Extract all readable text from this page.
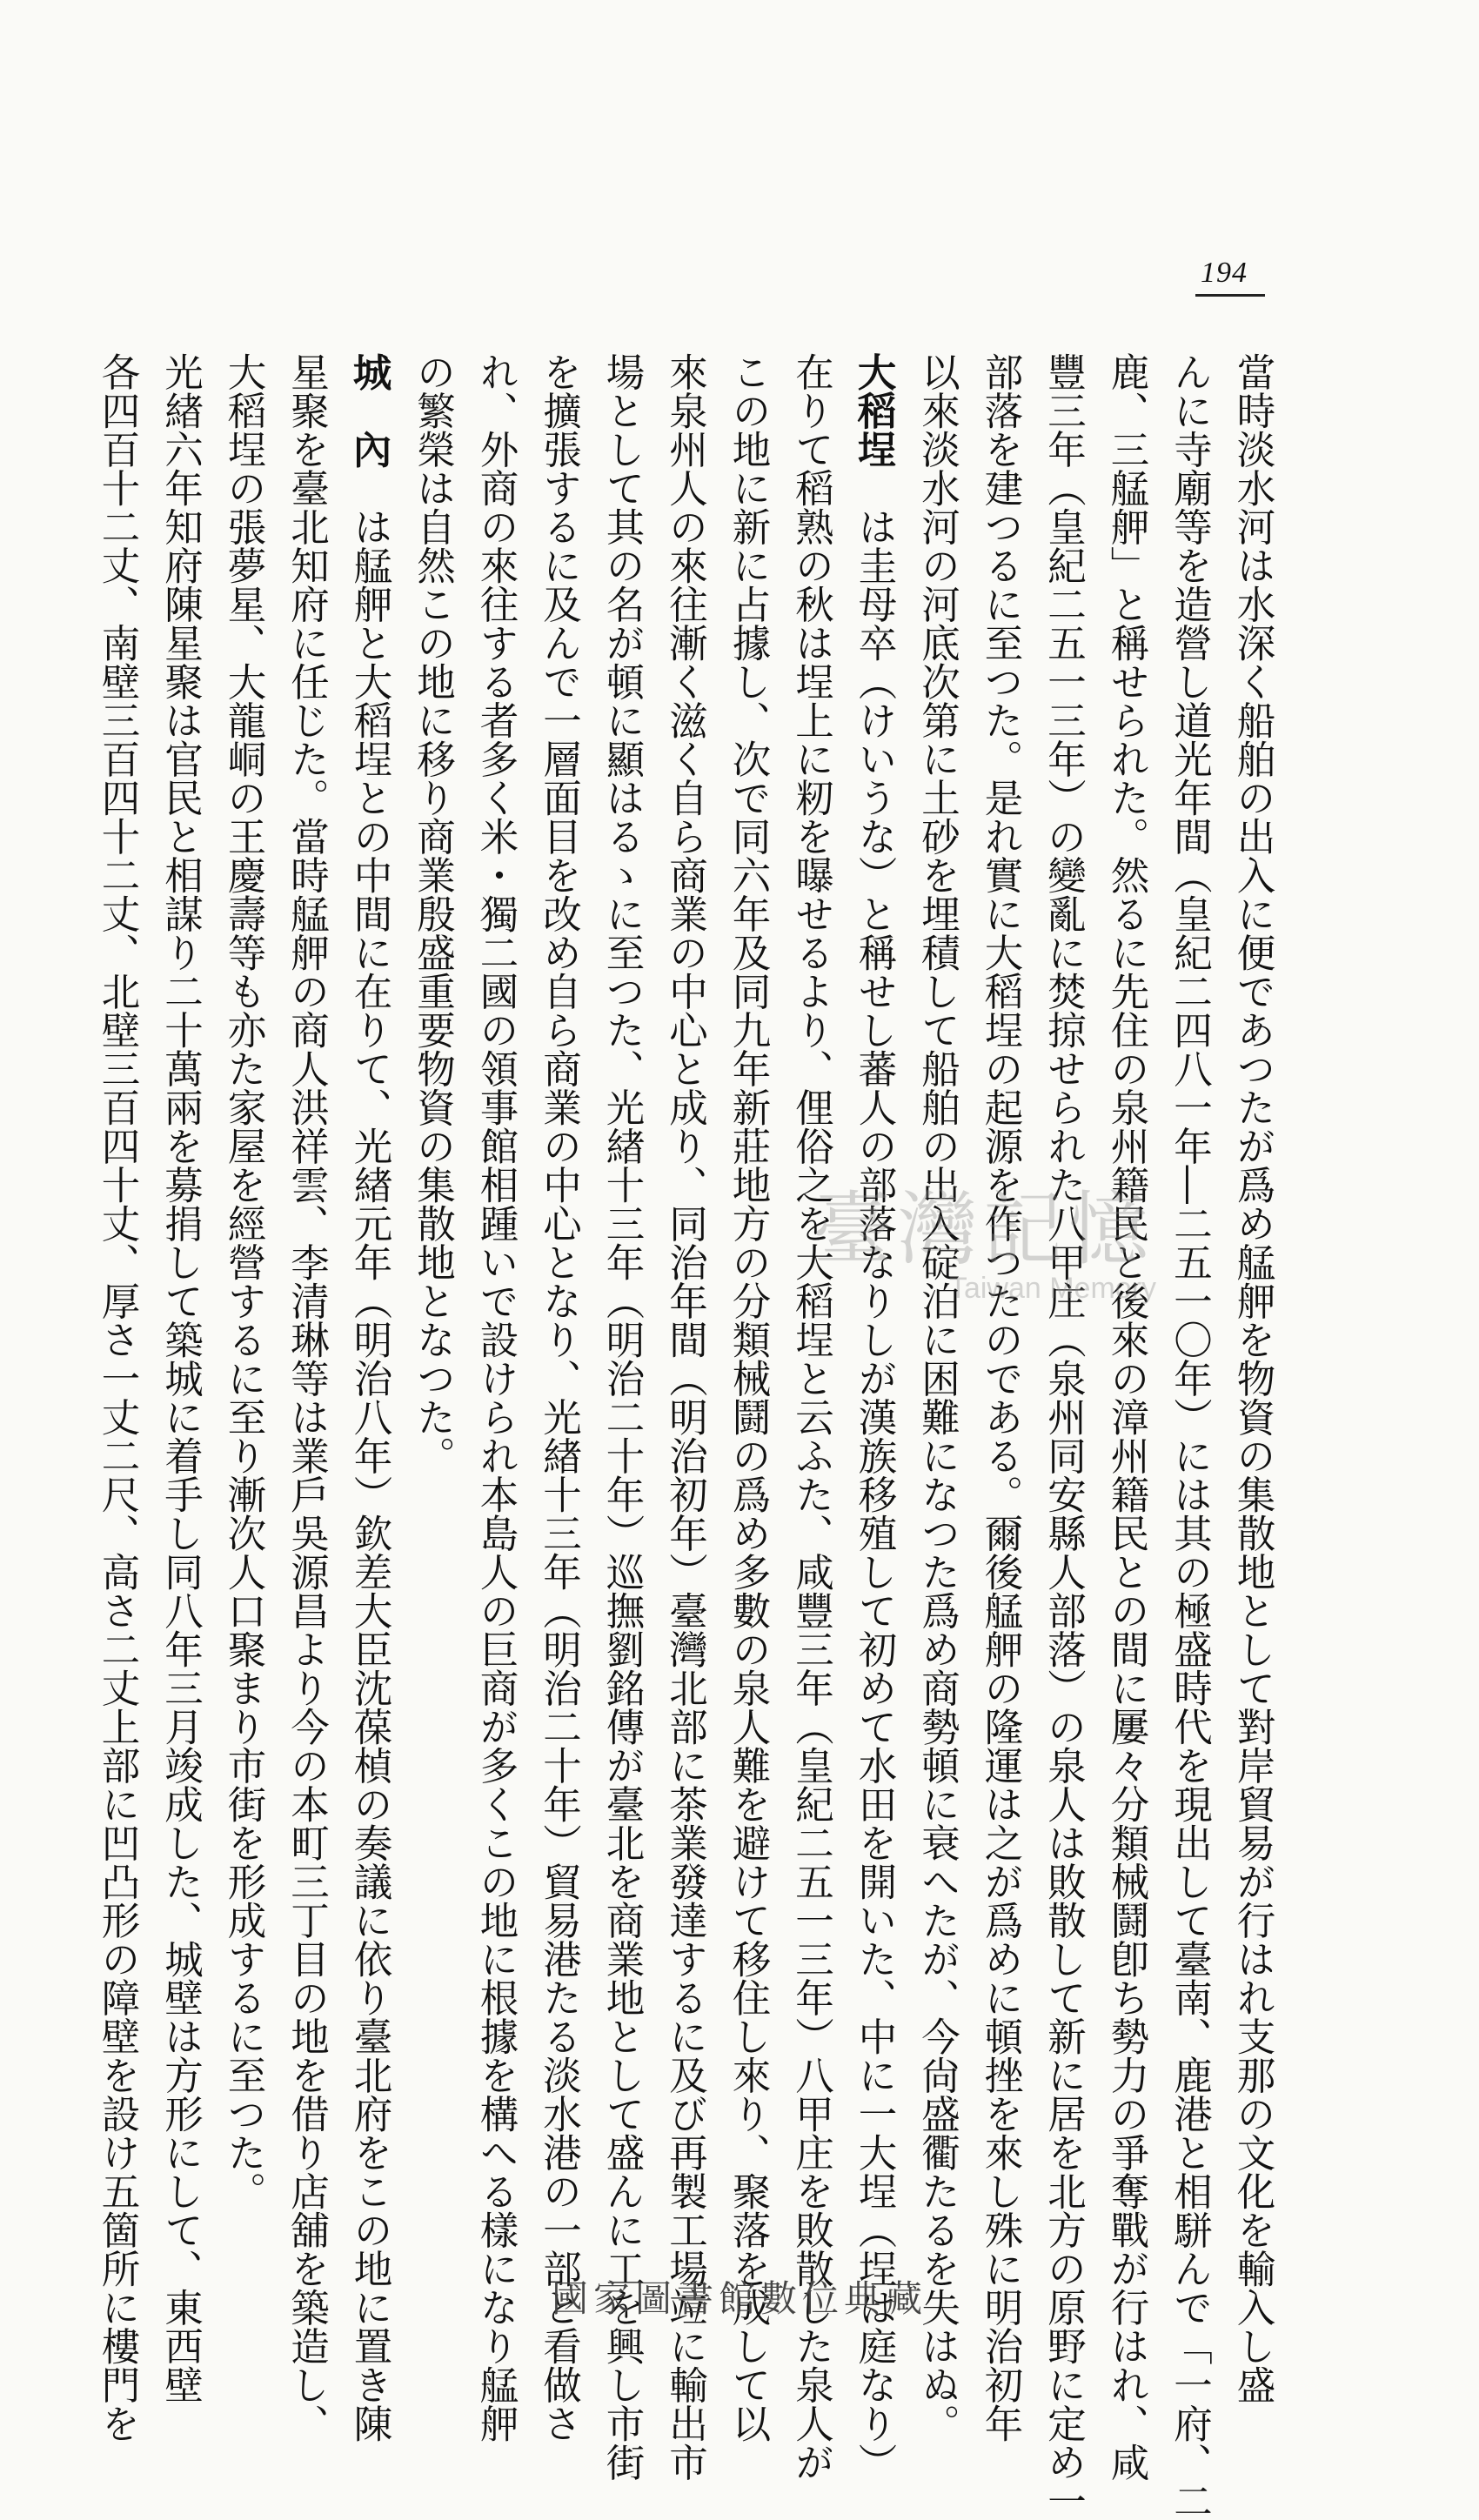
194
當時淡水河は水深く船舶の出入に便であつたが爲め艋舺を物資の集散地として對岸貿易が行はれ支那の文化を輸入し盛
んに寺廟等を造營し道光年間（皇紀二四八一年―二五一〇年）には其の極盛時代を現出して臺南、鹿港と相駢んで「一府、二
鹿、三艋舺」と稱せられた。然るに先住の泉州籍民と後來の漳州籍民との間に屢々分類械鬪卽ち勢力の爭奪戰が行はれ、咸
豐三年（皇紀二五一三年）の變亂に焚掠せられた八甲庄（泉州同安縣人部落）の泉人は敗散して新に居を北方の原野に定め一
部落を建つるに至つた。是れ實に大稻埕の起源を作つたのである。爾後艋舺の隆運は之が爲めに頓挫を來し殊に明治初年
以來淡水河の河底次第に土砂を埋積して船舶の出入碇泊に困難になつた爲め商勢頓に衰へたが、今尙盛衢たるを失はぬ。
大稻埕　は圭母卒（けいうな）と稱せし蕃人の部落なりしが漢族移殖して初めて水田を開いた、中に一大埕（埕は庭なり）
在りて稻熟の秋は埕上に籾を曝せるより、俚俗之を大稻埕と云ふた、咸豐三年（皇紀二五一三年）八甲庄を敗散した泉人が
この地に新に占據し、次で同六年及同九年新莊地方の分類械鬪の爲め多數の泉人難を避けて移住し來り、聚落を成して以
來泉州人の來往漸く滋く自ら商業の中心と成り、同治年間（明治初年）臺灣北部に茶業發達するに及び再製工場竝に輸出市
場として其の名が頓に顯はるゝに至つた、光緖十三年（明治二十年）巡撫劉銘傳が臺北を商業地として盛んに工を興し市街
を擴張するに及んで一層面目を改め自ら商業の中心となり、光緖十三年（明治二十年）貿易港たる淡水港の一部と看做さ
れ、外商の來往する者多く米・獨二國の領事館相踵いで設けられ本島人の巨商が多くこの地に根據を構へる樣になり艋舺
の繁榮は自然この地に移り商業殷盛重要物資の集散地となつた。
城　內　は艋舺と大稻埕との中間に在りて、光緖元年（明治八年）欽差大臣沈葆楨の奏議に依り臺北府をこの地に置き陳
星聚を臺北知府に任じた。當時艋舺の商人洪祥雲、李清琳等は業戶吳源昌より今の本町三丁目の地を借り店舖を築造し、
大稻埕の張夢星、大龍峒の王慶壽等も亦た家屋を經營するに至り漸次人口聚まり市街を形成するに至つた。
光緖六年知府陳星聚は官民と相謀り二十萬兩を募捐して築城に着手し同八年三月竣成した、城壁は方形にして、東西壁
各四百十二丈、南壁三百四十二丈、北壁三百四十丈、厚さ一丈二尺、高さ二丈上部に凹凸形の障壁を設け五箇所に樓門を	臺灣記憶
Taiwan Memory
國家圖書館數位典藏
